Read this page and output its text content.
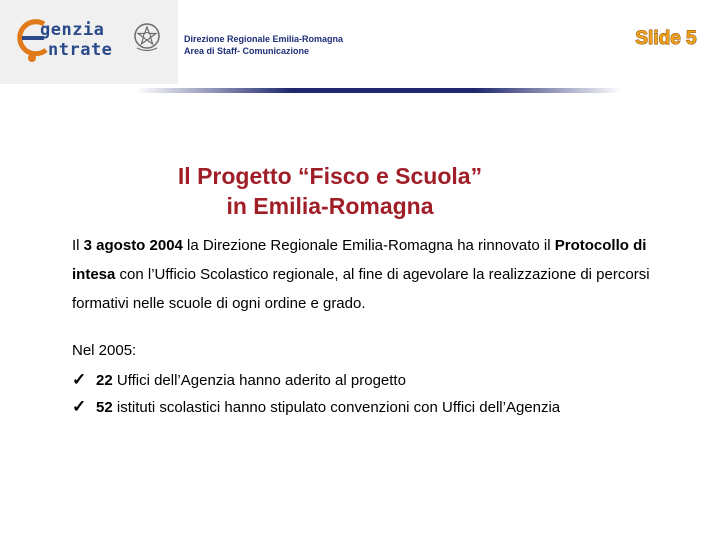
genzia
ntrate
Direzione Regionale Emilia-Romagna
Area di Staff- Comunicazione
Slide 5
Il Progetto “Fisco e Scuola”
in Emilia-Romagna

Il 3 agosto 2004 la Direzione Regionale Emilia-Romagna ha rinnovato il Protocollo di intesa con l’Ufficio Scolastico regionale, al fine di agevolare la realizzazione di percorsi formativi nelle scuole di ogni ordine e grado.

Nel 2005:

✓ 22 Uffici dell’Agenzia hanno aderito al progetto
✓ 52 istituti scolastici hanno stipulato convenzioni con Uffici dell’Agenzia
